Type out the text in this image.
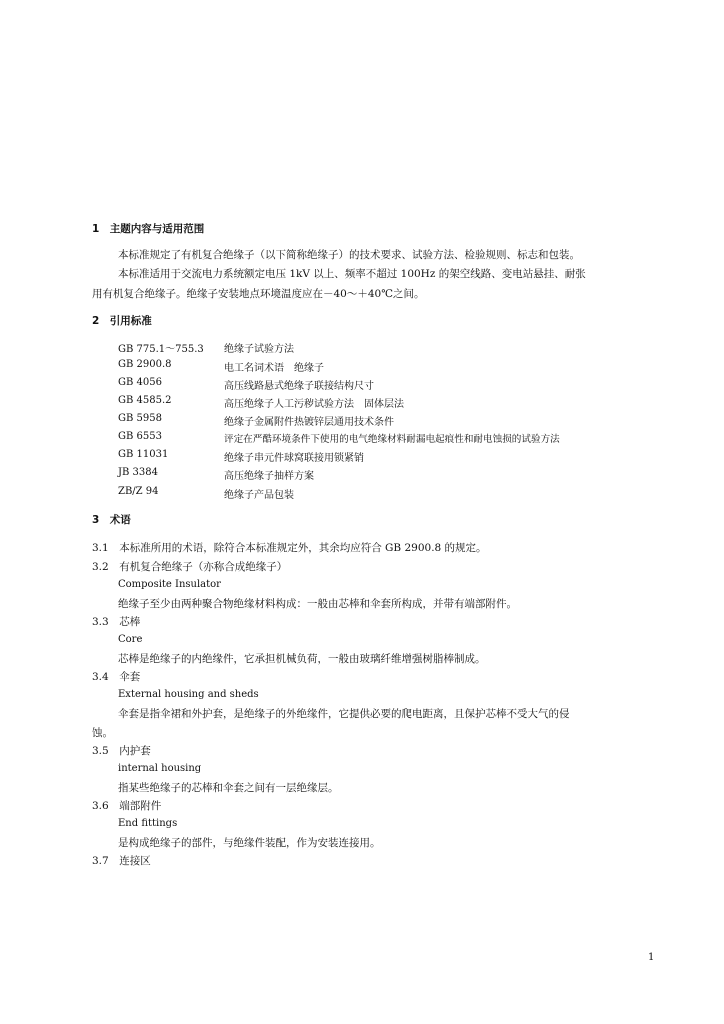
1　主题内容与适用范围
本标准规定了有机复合绝缘子（以下简称绝缘子）的技术要求、试验方法、检验规则、标志和包装。
本标准适用于交流电力系统额定电压 1kV 以上、频率不超过 100Hz 的架空线路、变电站悬挂、耐张
用有机复合绝缘子。绝缘子安装地点环境温度应在－40～＋40℃之间。
2　引用标准
GB 775.1～755.3 绝缘子试验方法
GB 2900.8	电工名词术语　绝缘子
GB 4056	高压线路悬式绝缘子联接结构尺寸
GB 4585.2	高压绝缘子人工污秽试验方法　固体层法
GB 5958	绝缘子金属附件热镀锌层通用技术条件
GB 6553	评定在严酷环境条件下使用的电气绝缘材料耐漏电起痕性和耐电蚀损的试验方法
GB 11031	绝缘子串元件球窝联接用锁紧销
JB 3384	高压绝缘子抽样方案
ZB/Z 94	绝缘子产品包装
3　术语
3.1　本标准所用的术语，除符合本标准规定外，其余均应符合 GB 2900.8 的规定。
3.2　有机复合绝缘子（亦称合成绝缘子）
Composite Insulator
绝缘子至少由两种聚合物绝缘材料构成：一般由芯棒和伞套所构成，并带有端部附件。
3.3　芯棒
Core
芯棒是绝缘子的内绝缘件，它承担机械负荷，一般由玻璃纤维增强树脂棒制成。
3.4　伞套
External housing and sheds
伞套是指伞裙和外护套，是绝缘子的外绝缘件，它提供必要的爬电距离，且保护芯棒不受大气的侵
蚀。
3.5　内护套
internal housing
指某些绝缘子的芯棒和伞套之间有一层绝缘层。
3.6　端部附件
End fittings
是构成绝缘子的部件，与绝缘件装配，作为安装连接用。
3.7　连接区
1
